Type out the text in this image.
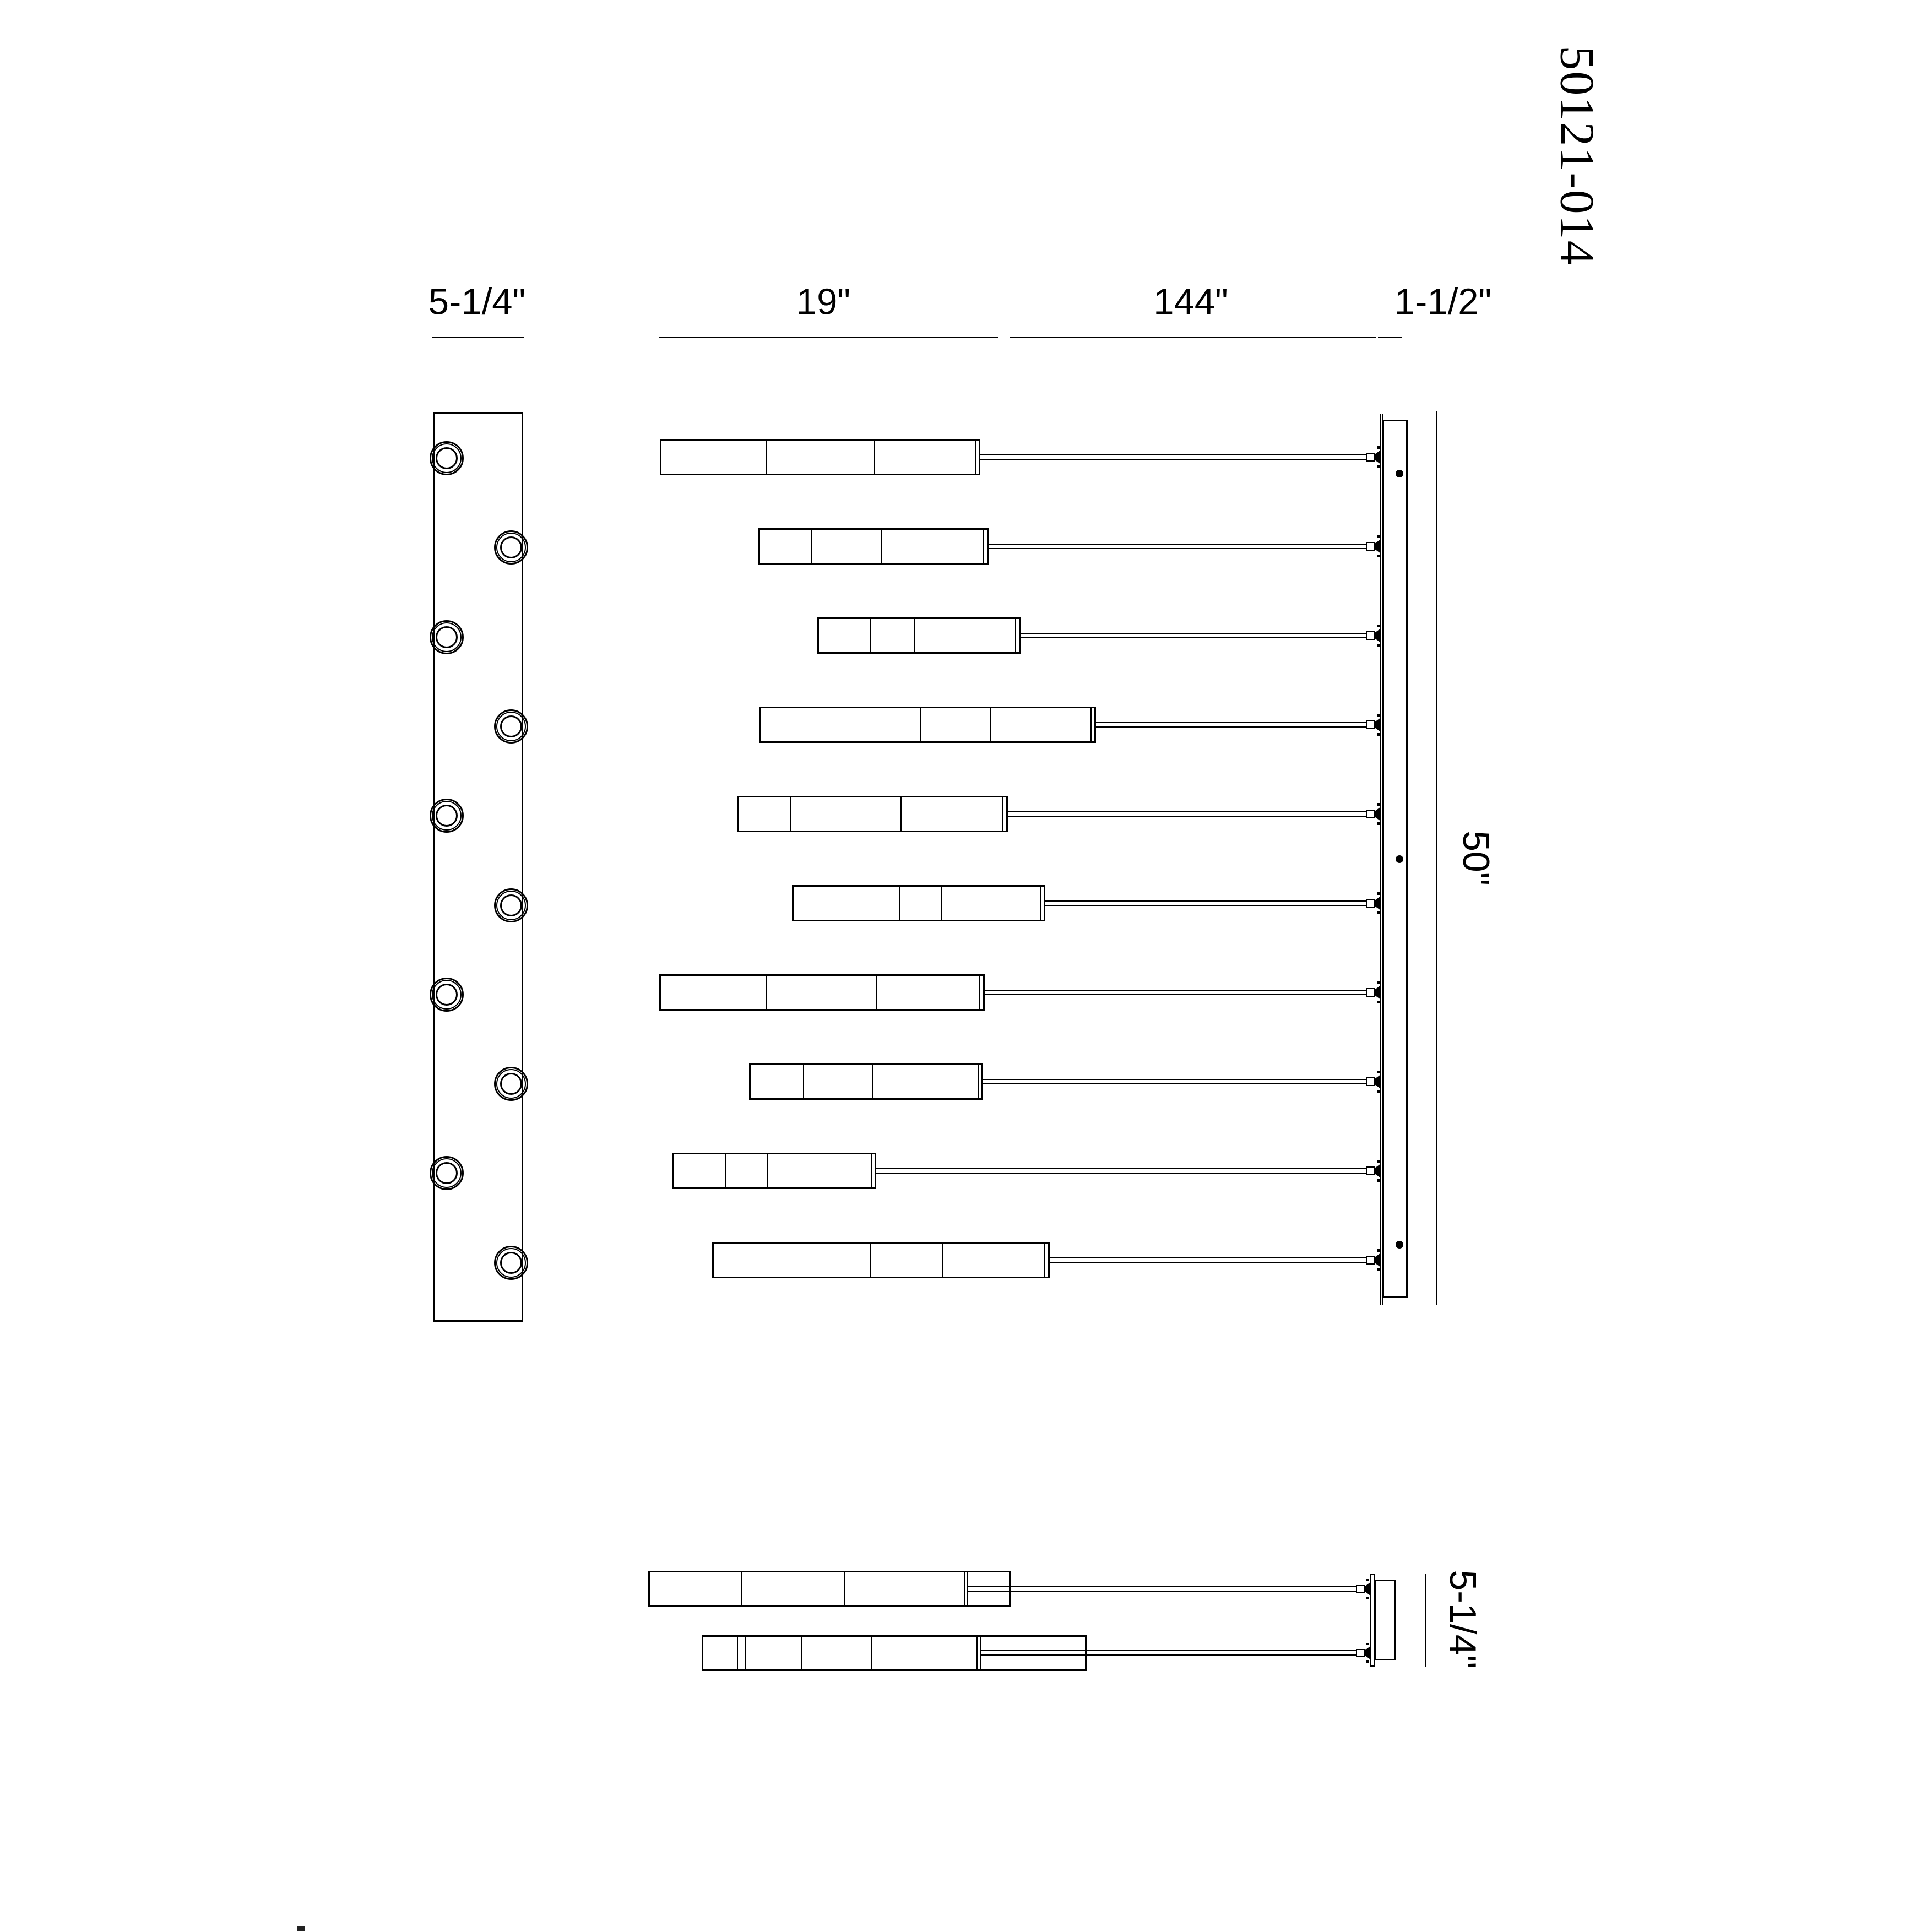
5-1/4"	19"	144"	1-1/2"
50"
5-1/4"
50121-014
